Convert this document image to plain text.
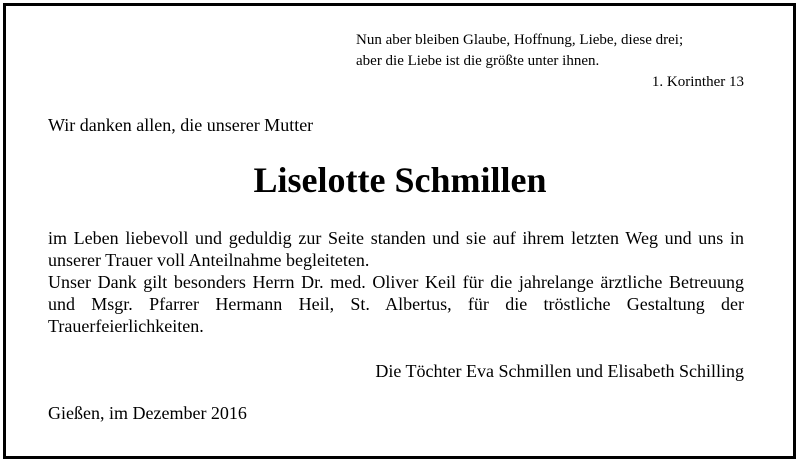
Nun aber bleiben Glaube, Hoffnung, Liebe, diese drei;
aber die Liebe ist die größte unter ihnen.
1. Korinther 13
Wir danken allen, die unserer Mutter
Liselotte Schmillen

im Leben liebevoll und geduldig zur Seite standen und sie auf ihrem letzten Weg und uns in unserer Trauer voll Anteilnahme begleiteten.

Unser Dank gilt besonders Herrn Dr. med. Oliver Keil für die jahrelange ärztliche Betreuung und Msgr. Pfarrer Hermann Heil, St. Albertus, für die tröstliche Gestaltung der Trauerfeierlichkeiten.

Die Töchter Eva Schmillen und Elisabeth Schilling
Gießen, im Dezember 2016
